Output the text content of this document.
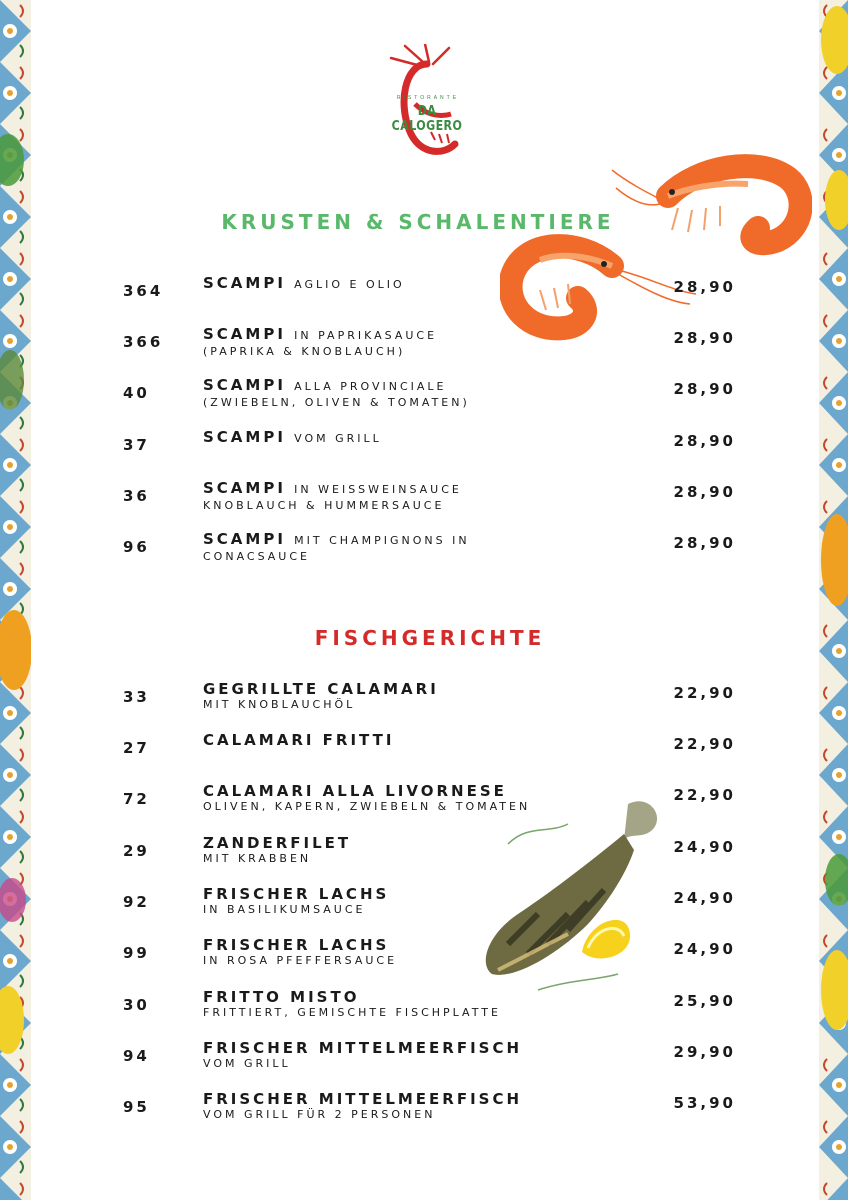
RISTORANTE
DA CALOGERO
KRUSTEN & SCHALENTIERE
364	SCAMPI AGLIO E OLIO	28,90
366	SCAMPI IN PAPRIKASAUCE
(PAPRIKA & KNOBLAUCH)
28,90
40	SCAMPI ALLA PROVINCIALE
(ZWIEBELN, OLIVEN & TOMATEN)
28,90
37	SCAMPI VOM GRILL	28,90
36	SCAMPI IN WEISSWEINSAUCE
KNOBLAUCH & HUMMERSAUCE
28,90
96	SCAMPI MIT CHAMPIGNONS IN
CONACSAUCE
28,90
FISCHGERICHTE
33	GEGRILLTE CALAMARI
MIT KNOBLAUCHÖL
22,90
27	CALAMARI FRITTI	22,90
72	CALAMARI ALLA LIVORNESE
OLIVEN, KAPERN, ZWIEBELN & TOMATEN
22,90
29	ZANDERFILET
MIT KRABBEN
24,90
92	FRISCHER LACHS
IN BASILIKUMSAUCE
24,90
99	FRISCHER LACHS
IN ROSA PFEFFERSAUCE
24,90
30	FRITTO MISTO
FRITTIERT, GEMISCHTE FISCHPLATTE
25,90
94	FRISCHER MITTELMEERFISCH
VOM GRILL
29,90
95	FRISCHER MITTELMEERFISCH
VOM GRILL FÜR 2 PERSONEN
53,90
